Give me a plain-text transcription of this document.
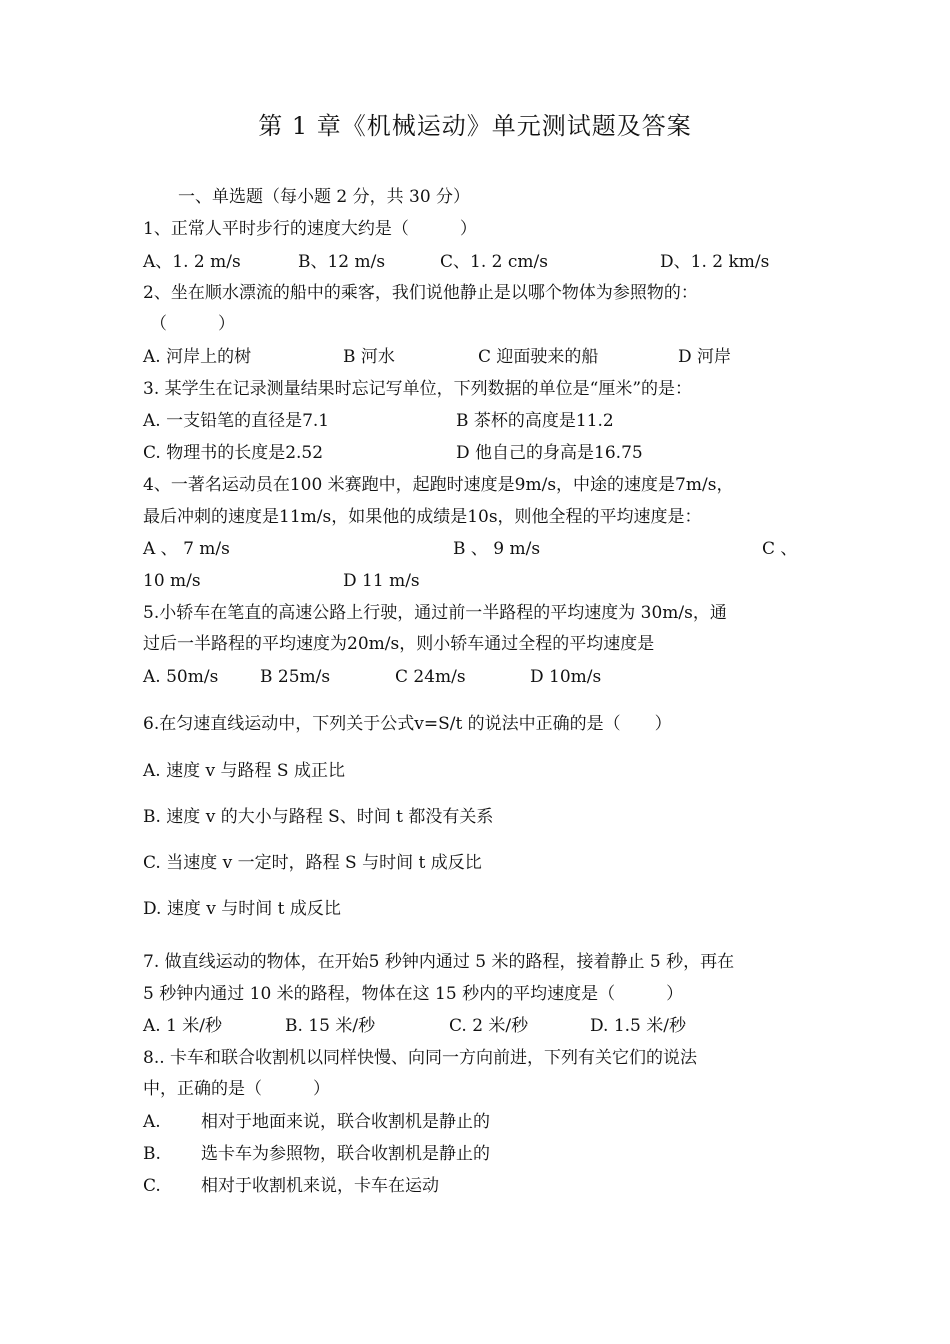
第 1 章《机械运动》单元测试题及答案
一、单选题（每小题 2 分，共 30 分）
1、正常人平时步行的速度大约是（　　　）
A、1. 2 m/s	B、12 m/s	C、1. 2 cm/s	D、1. 2 km/s
2、坐在顺水漂流的船中的乘客，我们说他静止是以哪个物体为参照物的：
（　　　）
A. 河岸上的树	B 河水	C 迎面驶来的船	D 河岸
3. 某学生在记录测量结果时忘记写单位，下列数据的单位是“厘米”的是：
A. 一支铅笔的直径是7.1	B 茶杯的高度是11.2
C. 物理书的长度是2.52	D 他自己的身高是16.75
4、一著名运动员在100 米赛跑中，起跑时速度是9m/s，中途的速度是7m/s，
最后冲刺的速度是11m/s，如果他的成绩是10s，则他全程的平均速度是：
A 、 7 m/s	B 、 9 m/s	C 、
10 m/s	D 11 m/s
5.小轿车在笔直的高速公路上行驶，通过前一半路程的平均速度为 30m/s，通
过后一半路程的平均速度为20m/s，则小轿车通过全程的平均速度是
A. 50m/s B 25m/s	C 24m/s	D 10m/s
6.在匀速直线运动中，下列关于公式v=S/t 的说法中正确的是（　　）
A. 速度 v 与路程 S 成正比
B. 速度 v 的大小与路程 S、时间 t 都没有关系
C. 当速度 v 一定时，路程 S 与时间 t 成反比
D. 速度 v 与时间 t 成反比
7. 做直线运动的物体，在开始5 秒钟内通过 5 米的路程，接着静止 5 秒，再在
5 秒钟内通过 10 米的路程，物体在这 15 秒内的平均速度是（　　　）
A. 1 米/秒	B. 15 米/秒	C. 2 米/秒	D. 1.5 米/秒
8.. 卡车和联合收割机以同样快慢、向同一方向前进，下列有关它们的说法
中，正确的是（　　　）
A. 相对于地面来说，联合收割机是静止的
B. 选卡车为参照物，联合收割机是静止的
C. 相对于收割机来说，卡车在运动
